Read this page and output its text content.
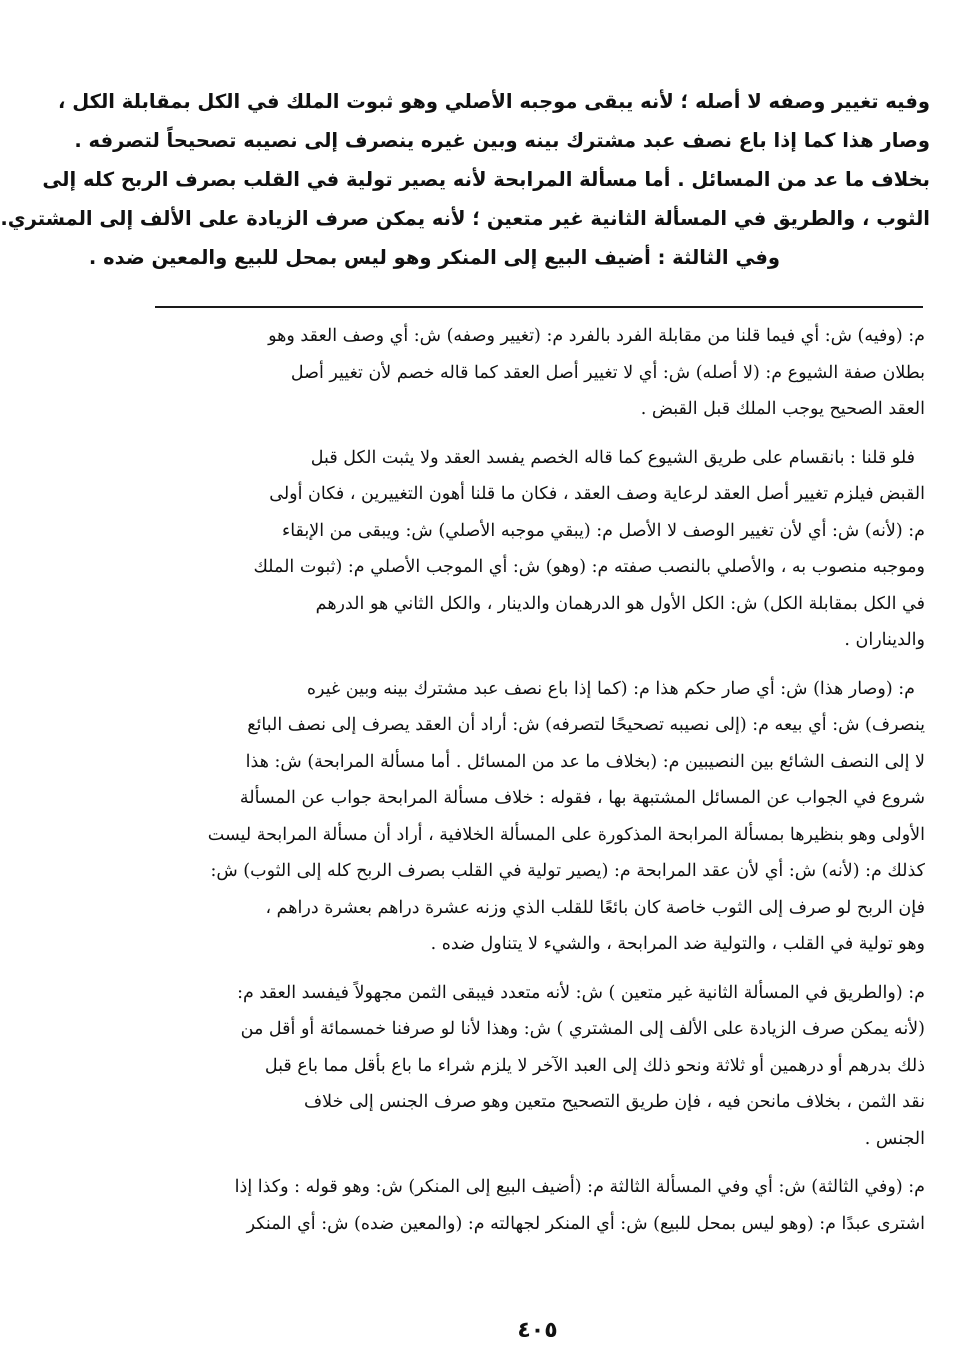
وفيه تغيير وصفه لا أصله ؛ لأنه يبقى موجبه الأصلي وهو ثبوت الملك في الكل بمقابلة الكل ،
وصار هذا كما إذا باع نصف عبد مشترك بينه وبين غيره ينصرف إلى نصيبه تصحيحاً لتصرفه .
بخلاف ما عد من المسائل . أما مسألة المرابحة لأنه يصير تولية في القلب بصرف الربح كله إلى
الثوب ، والطريق في المسألة الثانية غير متعين ؛ لأنه يمكن صرف الزيادة على الألف إلى المشتري.
وفي الثالثة : أضيف البيع إلى المنكر وهو ليس بمحل للبيع والمعين ضده .
م: (وفيه) ش: أي فيما قلنا من مقابلة الفرد بالفرد م: (تغيير وصفه) ش: أي وصف العقد وهو
بطلان صفة الشيوع م: (لا أصله) ش: أي لا تغيير أصل العقد كما قاله خصم لأن تغيير أصل
العقد الصحيح يوجب الملك قبل القبض .
فلو قلنا : بانقسام على طريق الشيوع كما قاله الخصم يفسد العقد ولا يثبت الكل قبل
القبض فيلزم تغيير أصل العقد لرعاية وصف العقد ، فكان ما قلنا أهون التغييرين ، فكان أولى
م: (لأنه) ش: أي لأن تغيير الوصف لا الأصل م: (يبقي موجبه الأصلي) ش: ويبقى من الإبقاء
وموجبه منصوب به ، والأصلي بالنصب صفته م: (وهو) ش: أي الموجب الأصلي م: (ثبوت الملك
في الكل بمقابلة الكل) ش: الكل الأول هو الدرهمان والدينار ، والكل الثاني هو الدرهم
والديناران .
م: (وصار هذا) ش: أي صار حكم هذا م: (كما إذا باع نصف عبد مشترك بينه وبين غيره
ينصرف) ش: أي بيعه م: (إلى نصيبه تصحيحًا لتصرفه) ش: أراد أن العقد يصرف إلى نصف البائع
لا إلى النصف الشائع بين النصيبين م: (بخلاف ما عد من المسائل . أما مسألة المرابحة) ش: هذا
شروع في الجواب عن المسائل المشتبهة بها ، فقوله : خلاف مسألة المرابحة جواب عن المسألة
الأولى وهو بنظيرها بمسألة المرابحة المذكورة على المسألة الخلافية ، أراد أن مسألة المرابحة ليست
كذلك م: (لأنه) ش: أي لأن عقد المرابحة م: (يصير تولية في القلب بصرف الربح كله إلى الثوب) ش:
فإن الربح لو صرف إلى الثوب خاصة كان بائعًا للقلب الذي وزنه عشرة دراهم بعشرة دراهم ،
وهو تولية في القلب ، والتولية ضد المرابحة ، والشيء لا يتناول ضده .
م: (والطريق في المسألة الثانية غير متعين ) ش: لأنه متعدد فيبقى الثمن مجهولاً فيفسد العقد م:
(لأنه يمكن صرف الزيادة على الألف إلى المشتري ) ش: وهذا لأنا لو صرفنا خمسمائة أو أقل من
ذلك بدرهم أو درهمين أو ثلاثة ونحو ذلك إلى العبد الآخر لا يلزم شراء ما باع بأقل مما باع قبل
نقد الثمن ، بخلاف مانحن فيه ، فإن طريق التصحيح متعين وهو صرف الجنس إلى خلاف
الجنس .
م: (وفي الثالثة) ش: أي وفي المسألة الثالثة م: (أضيف البيع إلى المنكر) ش: وهو قوله : وكذا إذا
اشترى عبدًا م: (وهو ليس بمحل للبيع) ش: أي المنكر لجهالته م: (والمعين ضده) ش: أي المنكر
٤٠٥
